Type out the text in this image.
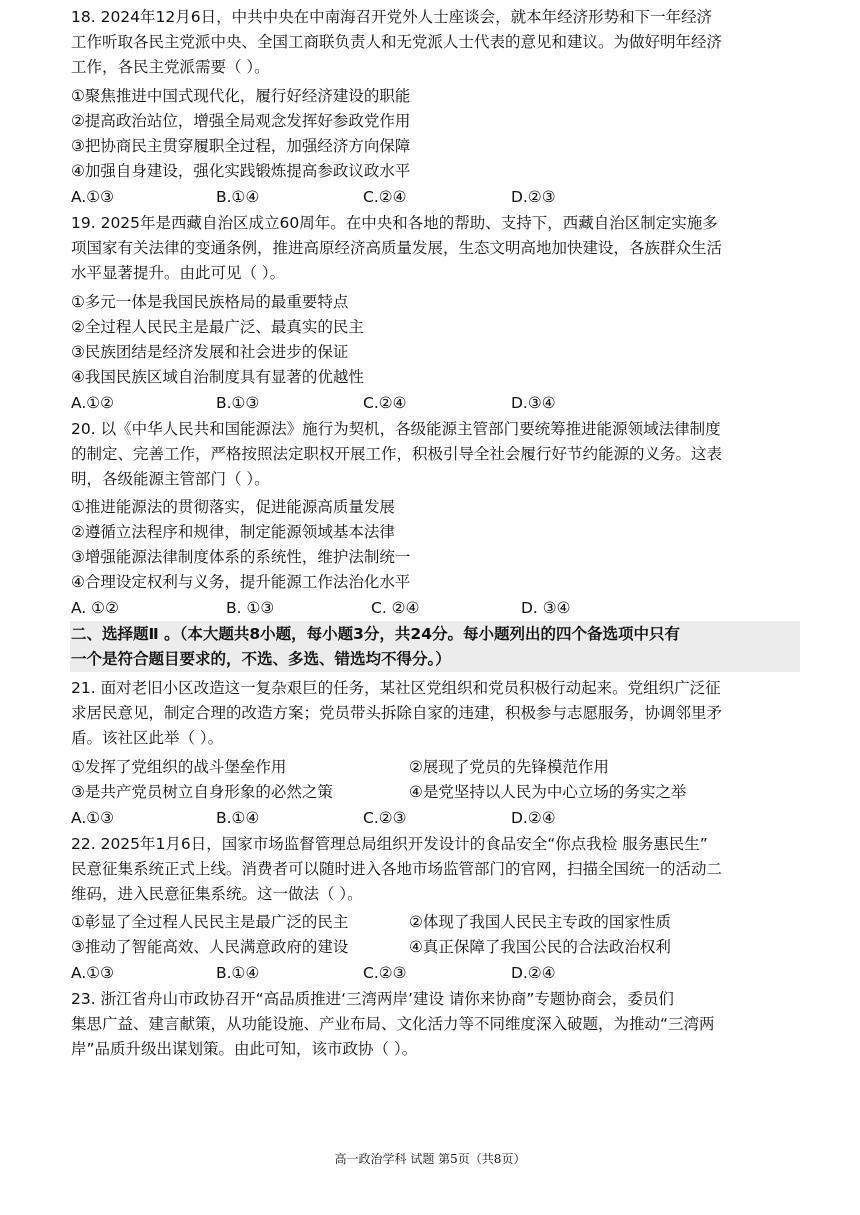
18. 2024年12月6日，中共中央在中南海召开党外人士座谈会，就本年经济形势和下一年经济
工作听取各民主党派中央、全国工商联负责人和无党派人士代表的意见和建议。为做好明年经济
工作，各民主党派需要（ ）。
①聚焦推进中国式现代化，履行好经济建设的职能
②提高政治站位，增强全局观念发挥好参政党作用
③把协商民主贯穿履职全过程，加强经济方向保障
④加强自身建设，强化实践锻炼提高参政议政水平
A.①③	B.①④	C.②④	D.②③
19. 2025年是西藏自治区成立60周年。在中央和各地的帮助、支持下，西藏自治区制定实施多
项国家有关法律的变通条例，推进高原经济高质量发展，生态文明高地加快建设，各族群众生活
水平显著提升。由此可见（ ）。
①多元一体是我国民族格局的最重要特点
②全过程人民民主是最广泛、最真实的民主
③民族团结是经济发展和社会进步的保证
④我国民族区域自治制度具有显著的优越性
A.①②	B.①③	C.②④	D.③④
20. 以《中华人民共和国能源法》施行为契机，各级能源主管部门要统筹推进能源领域法律制度
的制定、完善工作，严格按照法定职权开展工作，积极引导全社会履行好节约能源的义务。这表
明，各级能源主管部门（ ）。
①推进能源法的贯彻落实，促进能源高质量发展
②遵循立法程序和规律，制定能源领域基本法律
③增强能源法律制度体系的系统性，维护法制统一
④合理设定权利与义务，提升能源工作法治化水平
A. ①②	B. ①③	C. ②④	D. ③④
二、选择题Ⅱ 。（本大题共8小题，每小题3分，共24分。每小题列出的四个备选项中只有
一个是符合题目要求的，不选、多选、错选均不得分。）
21. 面对老旧小区改造这一复杂艰巨的任务，某社区党组织和党员积极行动起来。党组织广泛征
求居民意见，制定合理的改造方案；党员带头拆除自家的违建，积极参与志愿服务，协调邻里矛
盾。该社区此举（ ）。
①发挥了党组织的战斗堡垒作用	②展现了党员的先锋模范作用
③是共产党员树立自身形象的必然之策	④是党坚持以人民为中心立场的务实之举
A.①③	B.①④	C.②③	D.②④
22. 2025年1月6日，国家市场监督管理总局组织开发设计的食品安全“你点我检 服务惠民生”
民意征集系统正式上线。消费者可以随时进入各地市场监管部门的官网，扫描全国统一的活动二
维码，进入民意征集系统。这一做法（ ）。
①彰显了全过程人民民主是最广泛的民主	②体现了我国人民民主专政的国家性质
③推动了智能高效、人民满意政府的建设	④真正保障了我国公民的合法政治权利
A.①③	B.①④	C.②③	D.②④
23. 浙江省舟山市政协召开“高品质推进‘三湾两岸’建设 请你来协商”专题协商会，委员们
集思广益、建言献策，从功能设施、产业布局、文化活力等不同维度深入破题，为推动“三湾两
岸”品质升级出谋划策。由此可知，该市政协（ ）。
高一政治学科 试题 第5页（共8页）
